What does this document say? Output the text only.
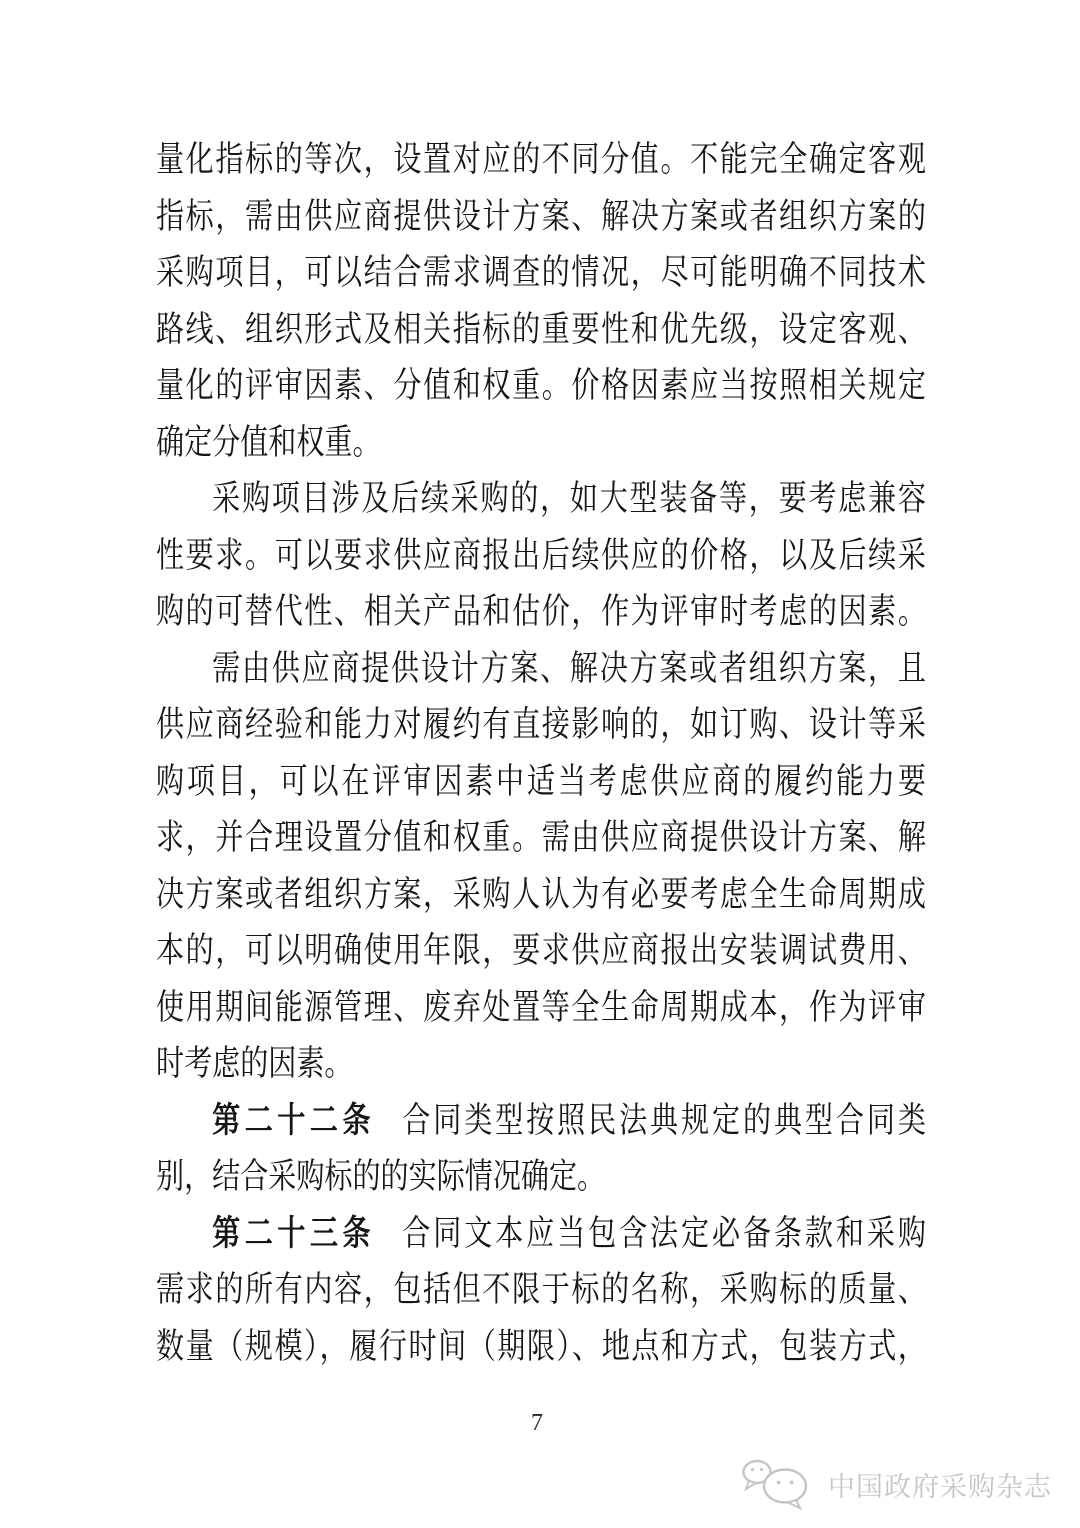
量化指标的等次，设置对应的不同分值。不能完全确定客观
指标，需由供应商提供设计方案、解决方案或者组织方案的
采购项目，可以结合需求调查的情况，尽可能明确不同技术
路线、组织形式及相关指标的重要性和优先级，设定客观、
量化的评审因素、分值和权重。价格因素应当按照相关规定
确定分值和权重。
采购项目涉及后续采购的，如大型装备等，要考虑兼容
性要求。可以要求供应商报出后续供应的价格，以及后续采
购的可替代性、相关产品和估价，作为评审时考虑的因素。
需由供应商提供设计方案、解决方案或者组织方案，且
供应商经验和能力对履约有直接影响的，如订购、设计等采
购项目，可以在评审因素中适当考虑供应商的履约能力要
求，并合理设置分值和权重。需由供应商提供设计方案、解
决方案或者组织方案，采购人认为有必要考虑全生命周期成
本的，可以明确使用年限，要求供应商报出安装调试费用、
使用期间能源管理、废弃处置等全生命周期成本，作为评审
时考虑的因素。
第二十二条 合同类型按照民法典规定的典型合同类
别，结合采购标的的实际情况确定。
第二十三条 合同文本应当包含法定必备条款和采购
需求的所有内容，包括但不限于标的名称，采购标的质量、
数量（规模），履行时间（期限）、地点和方式，包装方式，
7
中国政府采购杂志
